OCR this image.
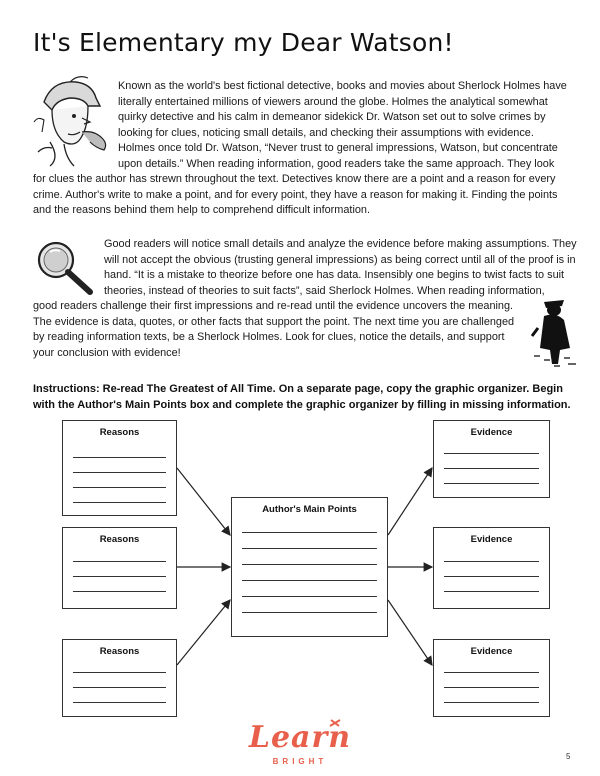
It's Elementary my Dear Watson!
Known as the world's best fictional detective, books and movies about Sherlock Holmes have
literally entertained millions of viewers around the globe. Holmes the analytical somewhat
quirky detective and his calm in demeanor sidekick Dr. Watson set out to solve crimes by
looking for clues, noticing small details, and checking their assumptions with evidence.
Holmes once told Dr. Watson, “Never trust to general impressions, Watson, but concentrate
upon details.” When reading information, good readers take the same approach. They look
for clues the author has strewn throughout the text. Detectives know there are a point and a reason for every
crime. Author's write to make a point, and for every point, they have a reason for making it. Finding the points
and the reasons behind them help to comprehend difficult information.
Good readers will notice small details and analyze the evidence before making assumptions. They
will not accept the obvious (trusting general impressions) as being correct until all of the proof is in
hand. “It is a mistake to theorize before one has data. Insensibly one begins to twist facts to suit
theories, instead of theories to suit facts”, said Sherlock Holmes. When reading information,
good readers challenge their first impressions and re-read until the evidence uncovers the meaning.
The evidence is data, quotes, or other facts that support the point. The next time you are challenged
by reading information texts, be a Sherlock Holmes. Look for clues, notice the details, and support
your conclusion with evidence!
Instructions: Re-read The Greatest of All Time. On a separate page, copy the graphic organizer. Begin
with the Author's Main Points box and complete the graphic organizer by filling in missing information.
Reasons
Reasons
Reasons
Author's Main Points
Evidence
Evidence
Evidence
Learn
BRIGHT
5
